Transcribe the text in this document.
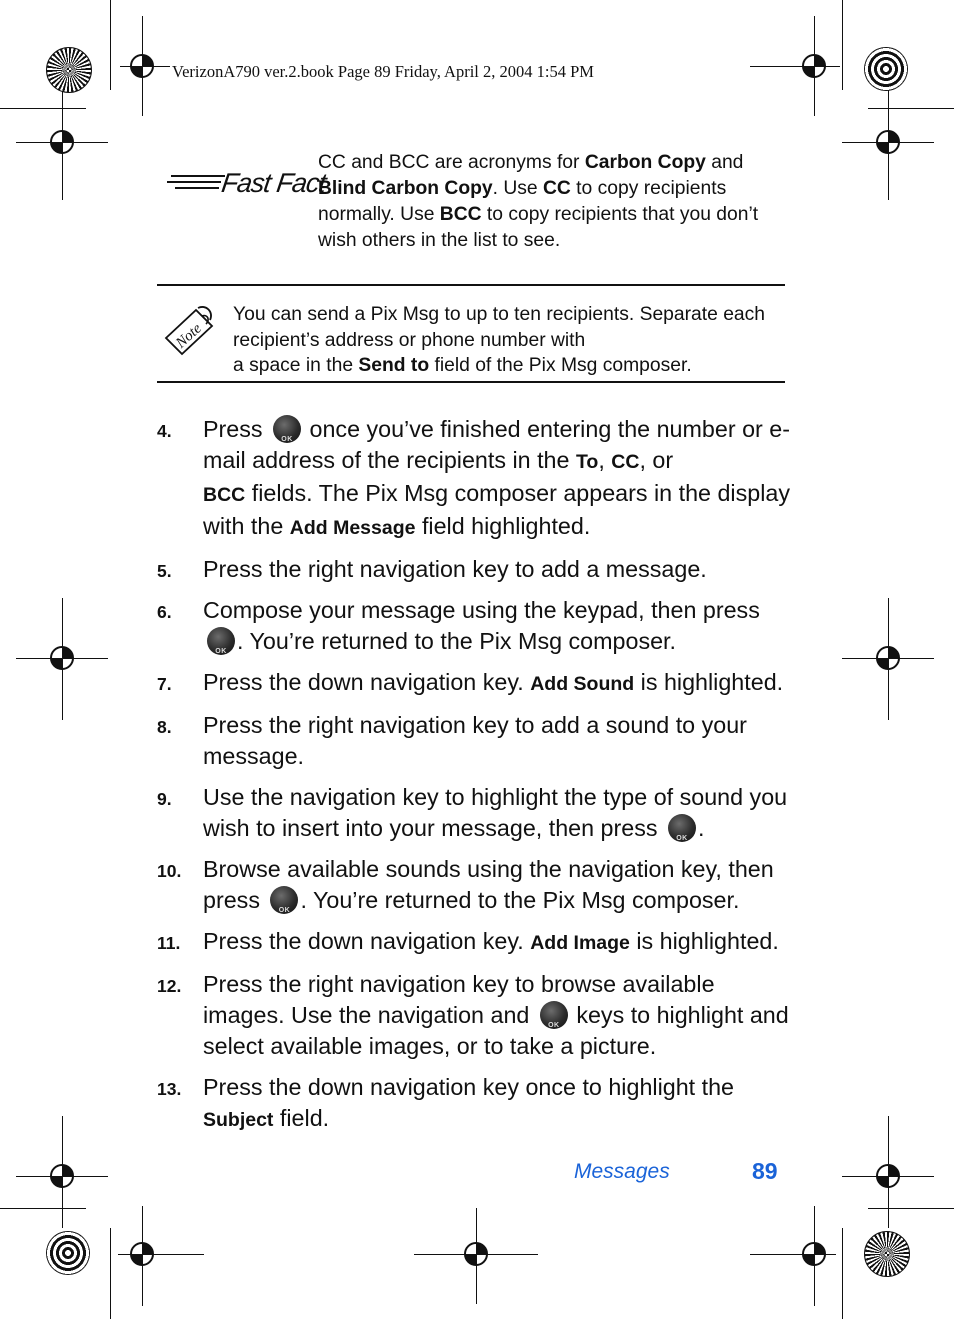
VerizonA790 ver.2.book Page 89 Friday, April 2, 2004 1:54 PM
Fast Fact
CC and BCC are acronyms for Carbon Copy and Blind Carbon Copy. Use CC to copy recipients normally. Use BCC to copy recipients that you don’t wish others in the list to see.
Note
You can send a Pix Msg to up to ten recipients. Separate each recipient’s address or phone number with
a space in the Send to field of the Pix Msg composer.
4. Press OK once you’ve finished entering the number or e-mail address of the recipients in the To, CC, or
BCC fields. The Pix Msg composer appears in the display with the Add Message field highlighted.
5. Press the right navigation key to add a message.
6. Compose your message using the keypad, then press OK. You’re returned to the Pix Msg composer.
7. Press the down navigation key. Add Sound is highlighted.
8. Press the right navigation key to add a sound to your message.
9. Use the navigation key to highlight the type of sound you wish to insert into your message, then press OK.
10. Browse available sounds using the navigation key, then press OK. You’re returned to the Pix Msg composer.
11. Press the down navigation key. Add Image is highlighted.
12. Press the right navigation key to browse available images. Use the navigation and OK keys to highlight and select available images, or to take a picture.
13. Press the down navigation key once to highlight the Subject field.
Messages	89
